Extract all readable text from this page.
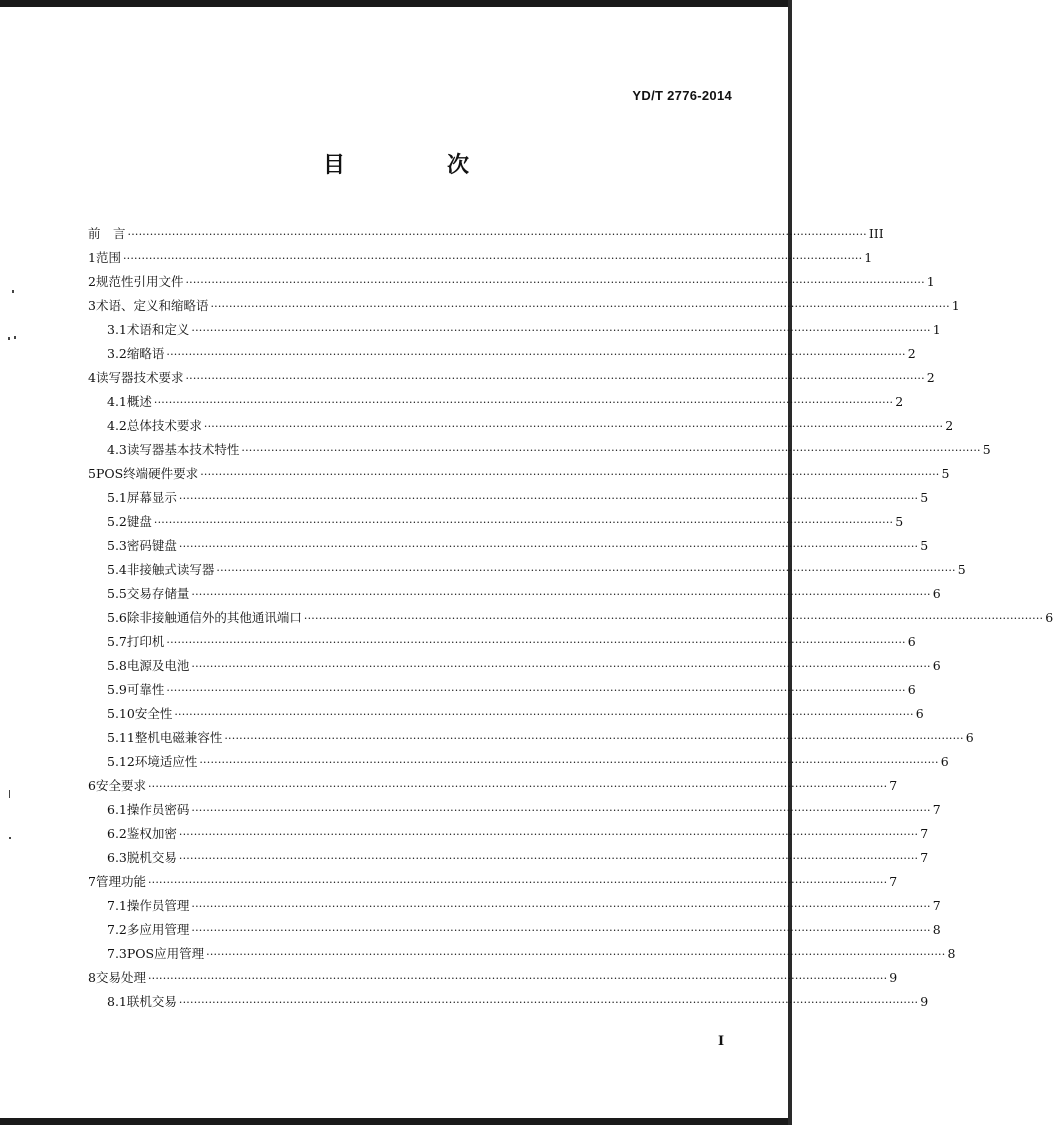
YD/T 2776-2014
目　次
前　言 ········································································································································································································ III
1 范围 ········································································································································································································ 1
2 规范性引用文件 ········································································································································································································ 1
3 术语、定义和缩略语 ········································································································································································································ 1
3.1 术语和定义 ········································································································································································································ 1
3.2 缩略语 ········································································································································································································ 2
4 读写器技术要求 ········································································································································································································ 2
4.1 概述 ········································································································································································································ 2
4.2 总体技术要求 ········································································································································································································ 2
4.3 读写器基本技术特性 ········································································································································································································ 5
5 POS终端硬件要求 ········································································································································································································ 5
5.1 屏幕显示 ········································································································································································································ 5
5.2 键盘 ········································································································································································································ 5
5.3 密码键盘 ········································································································································································································ 5
5.4 非接触式读写器 ········································································································································································································ 5
5.5 交易存储量 ········································································································································································································ 6
5.6 除非接触通信外的其他通讯端口 ········································································································································································································ 6
5.7 打印机 ········································································································································································································ 6
5.8 电源及电池 ········································································································································································································ 6
5.9 可靠性 ········································································································································································································ 6
5.10 安全性 ········································································································································································································ 6
5.11 整机电磁兼容性 ········································································································································································································ 6
5.12 环境适应性 ········································································································································································································ 6
6 安全要求 ········································································································································································································ 7
6.1 操作员密码 ········································································································································································································ 7
6.2 鉴权加密 ········································································································································································································ 7
6.3 脱机交易 ········································································································································································································ 7
7 管理功能 ········································································································································································································ 7
7.1 操作员管理 ········································································································································································································ 7
7.2 多应用管理 ········································································································································································································ 8
7.3 POS应用管理 ········································································································································································································ 8
8 交易处理 ········································································································································································································ 9
8.1 联机交易 ········································································································································································································ 9
I
